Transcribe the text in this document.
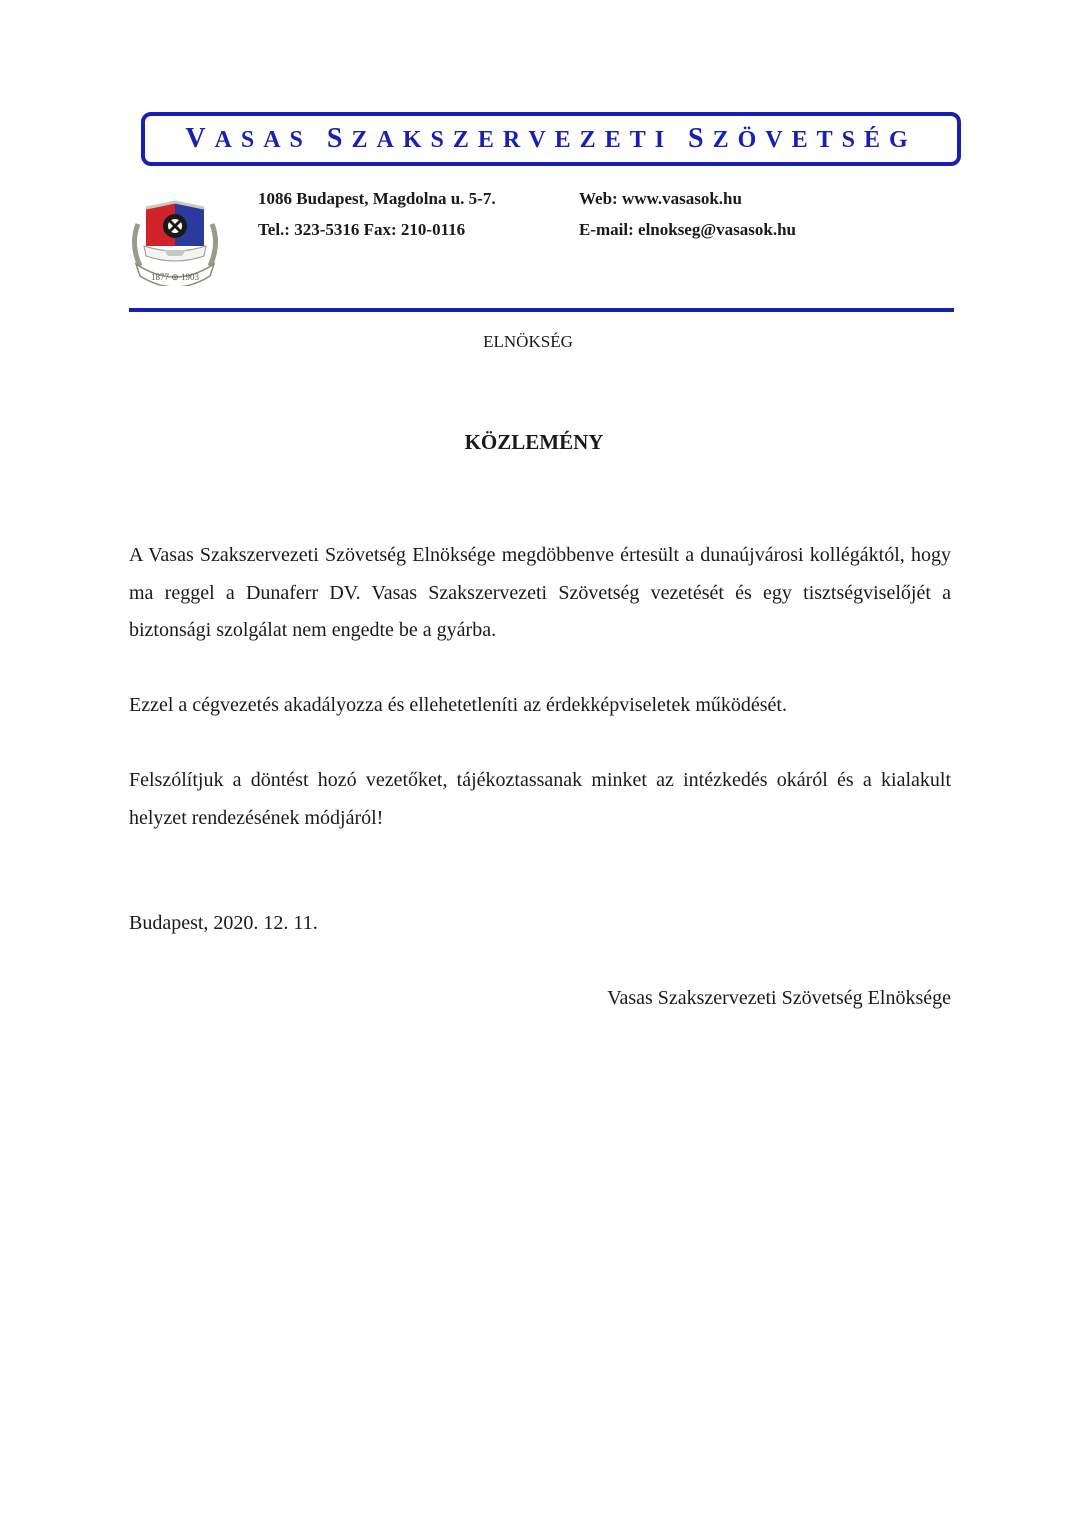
VASAS SZAKSZERVEZETI SZÖVETSÉG
1877 ⊕ 1903
1086 Budapest, Magdolna u. 5-7.
Tel.: 323-5316 Fax: 210-0116
Web: www.vasasok.hu
E-mail: elnokseg@vasasok.hu
ELNÖKSÉG
KÖZLEMÉNY

A Vasas Szakszervezeti Szövetség Elnöksége megdöbbenve értesült a dunaújvárosi kollégáktól, hogy ma reggel a Dunaferr DV. Vasas Szakszervezeti Szövetség vezetését és egy tisztségviselőjét a biztonsági szolgálat nem engedte be a gyárba.

Ezzel a cégvezetés akadályozza és ellehetetleníti az érdekképviseletek működését.

Felszólítjuk a döntést hozó vezetőket, tájékoztassanak minket az intézkedés okáról és a kialakult helyzet rendezésének módjáról!

Budapest, 2020. 12. 11.
Vasas Szakszervezeti Szövetség Elnöksége
